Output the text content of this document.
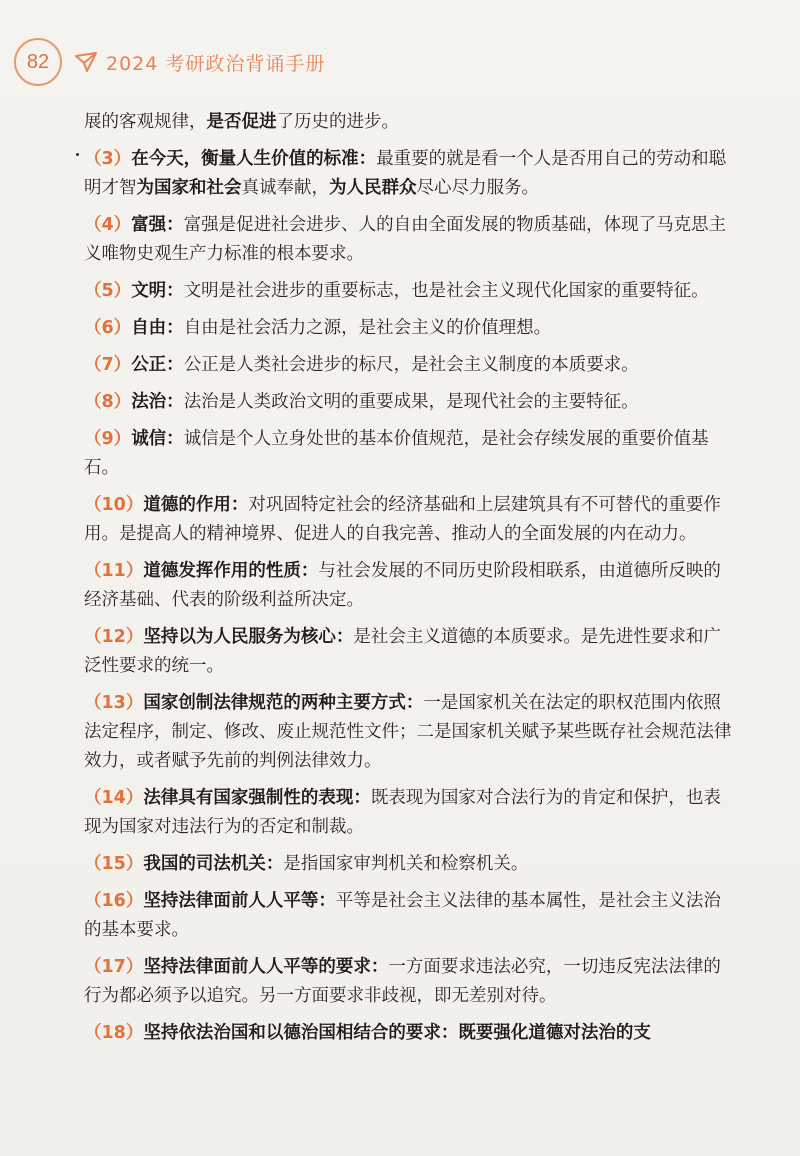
82	2024 考研政治背诵手册

展的客观规律，是否促进了历史的进步。

（3）在今天，衡量人生价值的标准：最重要的就是看一个人是否用自己的劳动和聪明才智为国家和社会真诚奉献，为人民群众尽心尽力服务。

（4）富强：富强是促进社会进步、人的自由全面发展的物质基础，体现了马克思主义唯物史观生产力标准的根本要求。

（5）文明：文明是社会进步的重要标志，也是社会主义现代化国家的重要特征。

（6）自由：自由是社会活力之源，是社会主义的价值理想。

（7）公正：公正是人类社会进步的标尺，是社会主义制度的本质要求。

（8）法治：法治是人类政治文明的重要成果，是现代社会的主要特征。

（9）诚信：诚信是个人立身处世的基本价值规范，是社会存续发展的重要价值基石。

（10）道德的作用：对巩固特定社会的经济基础和上层建筑具有不可替代的重要作用。是提高人的精神境界、促进人的自我完善、推动人的全面发展的内在动力。

（11）道德发挥作用的性质：与社会发展的不同历史阶段相联系，由道德所反映的经济基础、代表的阶级利益所决定。

（12）坚持以为人民服务为核心：是社会主义道德的本质要求。是先进性要求和广泛性要求的统一。

（13）国家创制法律规范的两种主要方式：一是国家机关在法定的职权范围内依照法定程序，制定、修改、废止规范性文件；二是国家机关赋予某些既存社会规范法律效力，或者赋予先前的判例法律效力。

（14）法律具有国家强制性的表现：既表现为国家对合法行为的肯定和保护，也表现为国家对违法行为的否定和制裁。

（15）我国的司法机关：是指国家审判机关和检察机关。

（16）坚持法律面前人人平等：平等是社会主义法律的基本属性，是社会主义法治的基本要求。

（17）坚持法律面前人人平等的要求：一方面要求违法必究，一切违反宪法法律的行为都必须予以追究。另一方面要求非歧视，即无差别对待。

（18）坚持依法治国和以德治国相结合的要求：既要强化道德对法治的支
